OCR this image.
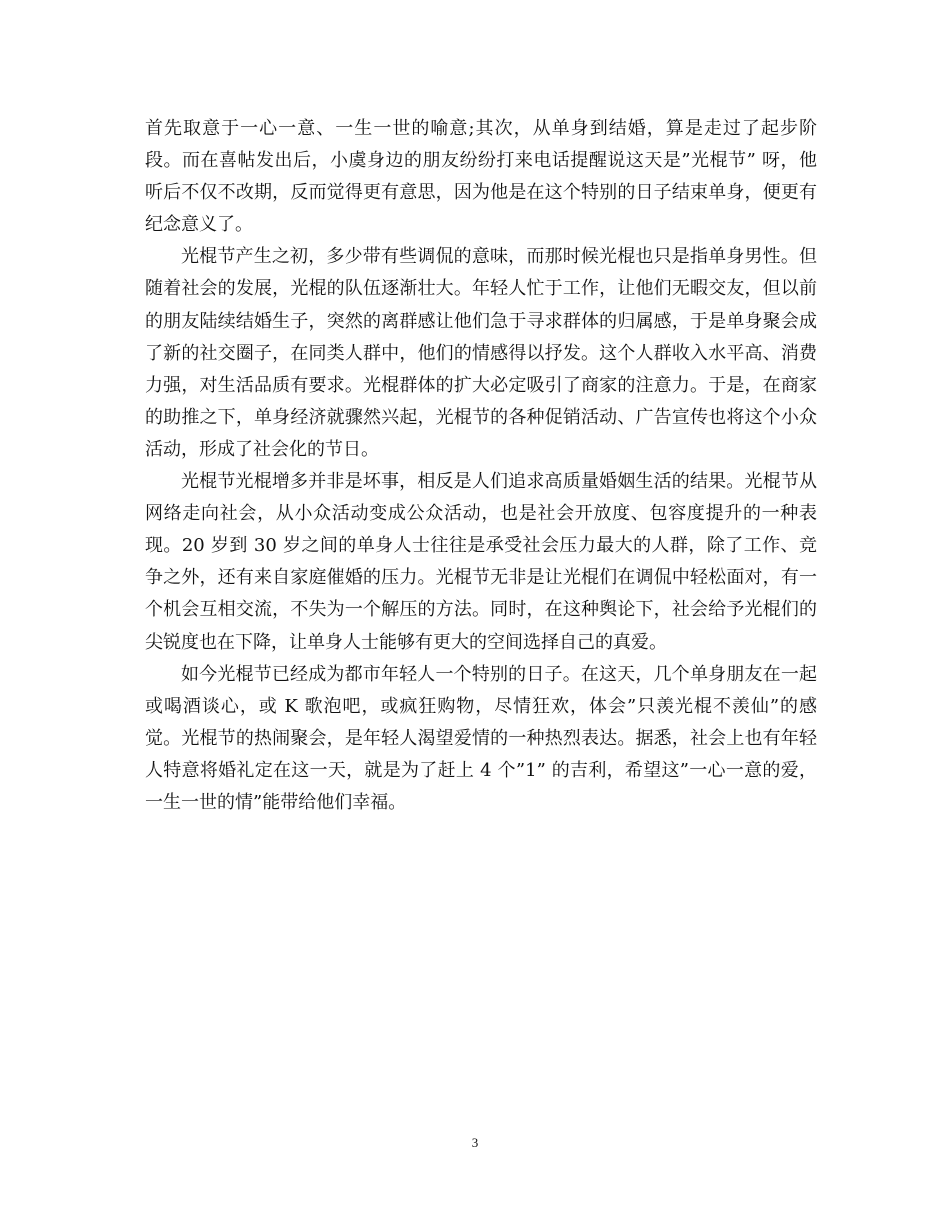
首先取意于一心一意、一生一世的喻意;其次，从单身到结婚，算是走过了起步阶段。而在喜帖发出后，小虞身边的朋友纷纷打来电话提醒说这天是”光棍节” 呀，他听后不仅不改期，反而觉得更有意思，因为他是在这个特别的日子结束单身，便更有纪念意义了。

光棍节产生之初，多少带有些调侃的意味，而那时候光棍也只是指单身男性。但随着社会的发展，光棍的队伍逐渐壮大。年轻人忙于工作，让他们无暇交友，但以前的朋友陆续结婚生子，突然的离群感让他们急于寻求群体的归属感，于是单身聚会成了新的社交圈子，在同类人群中，他们的情感得以抒发。这个人群收入水平高、消费力强，对生活品质有要求。光棍群体的扩大必定吸引了商家的注意力。于是，在商家的助推之下，单身经济就骤然兴起，光棍节的各种促销活动、广告宣传也将这个小众活动，形成了社会化的节日。

光棍节光棍增多并非是坏事，相反是人们追求高质量婚姻生活的结果。光棍节从网络走向社会，从小众活动变成公众活动，也是社会开放度、包容度提升的一种表现。20 岁到 30 岁之间的单身人士往往是承受社会压力最大的人群，除了工作、竞争之外，还有来自家庭催婚的压力。光棍节无非是让光棍们在调侃中轻松面对，有一个机会互相交流，不失为一个解压的方法。同时，在这种舆论下，社会给予光棍们的尖锐度也在下降，让单身人士能够有更大的空间选择自己的真爱。

如今光棍节已经成为都市年轻人一个特别的日子。在这天，几个单身朋友在一起或喝酒谈心，或 K 歌泡吧，或疯狂购物，尽情狂欢，体会”只羡光棍不羡仙”的感觉。光棍节的热闹聚会，是年轻人渴望爱情的一种热烈表达。据悉，社会上也有年轻人特意将婚礼定在这一天，就是为了赶上 4 个”1” 的吉利，希望这”一心一意的爱，一生一世的情”能带给他们幸福。

3
